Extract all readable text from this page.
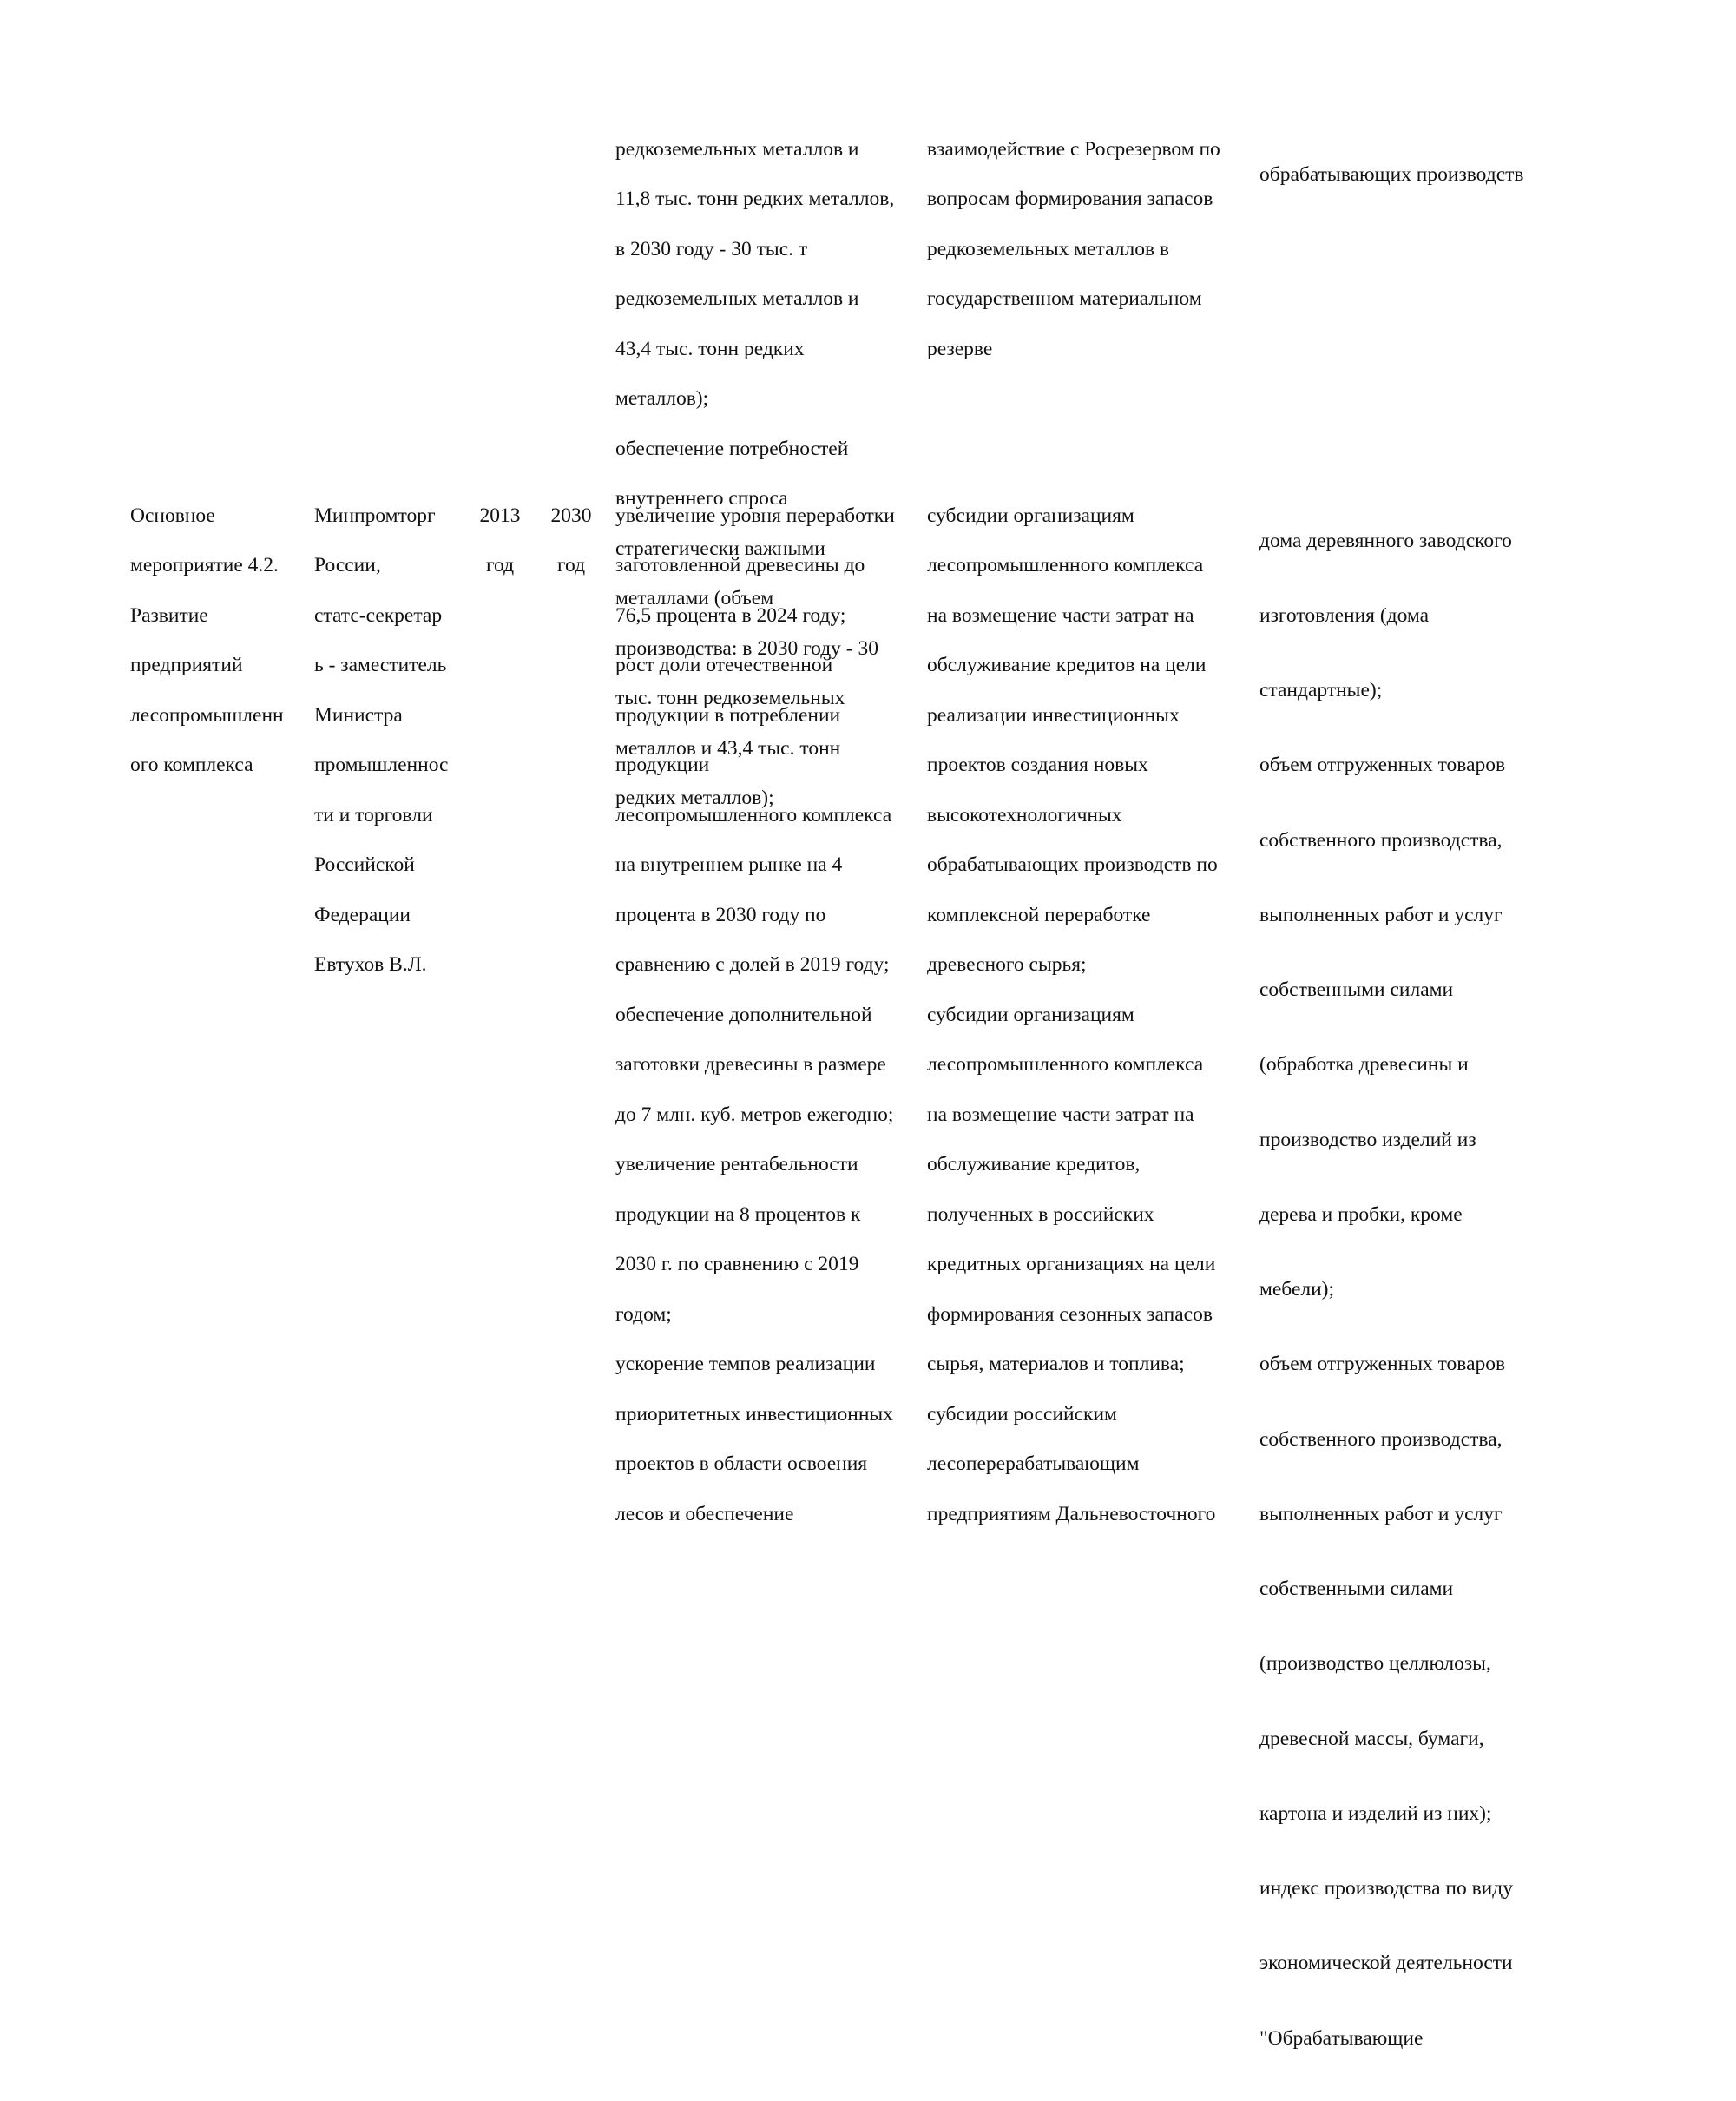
редкоземельных металлов и

11,8 тыс. тонн редких металлов,

в 2030 году - 30 тыс. т

редкоземельных металлов и

43,4 тыс. тонн редких

металлов);

обеспечение потребностей

внутреннего спроса

стратегически важными

металлами (объем

производства: в 2030 году - 30

тыс. тонн редкоземельных

металлов и 43,4 тыс. тонн

редких металлов);

взаимодействие с Росрезервом по

вопросам формирования запасов

редкоземельных металлов в

государственном материальном

резерве

обрабатывающих производств

Основное

мероприятие 4.2.

Развитие

предприятий

лесопромышленн

ого комплекса

Минпромторг

России,

статс-секретар

ь - заместитель

Министра

промышленнос

ти и торговли

Российской

Федерации

Евтухов В.Л.

2013

год

2030

год

увеличение уровня переработки

заготовленной древесины до

76,5 процента в 2024 году;

рост доли отечественной

продукции в потреблении

продукции

лесопромышленного комплекса

на внутреннем рынке на 4

процента в 2030 году по

сравнению с долей в 2019 году;

обеспечение дополнительной

заготовки древесины в размере

до 7 млн. куб. метров ежегодно;

увеличение рентабельности

продукции на 8 процентов к

2030 г. по сравнению с 2019

годом;

ускорение темпов реализации

приоритетных инвестиционных

проектов в области освоения

лесов и обеспечение

субсидии организациям

лесопромышленного комплекса

на возмещение части затрат на

обслуживание кредитов на цели

реализации инвестиционных

проектов создания новых

высокотехнологичных

обрабатывающих производств по

комплексной переработке

древесного сырья;

субсидии организациям

лесопромышленного комплекса

на возмещение части затрат на

обслуживание кредитов,

полученных в российских

кредитных организациях на цели

формирования сезонных запасов

сырья, материалов и топлива;

субсидии российским

лесоперерабатывающим

предприятиям Дальневосточного

дома деревянного заводского

изготовления (дома

стандартные);

объем отгруженных товаров

собственного производства,

выполненных работ и услуг

собственными силами

(обработка древесины и

производство изделий из

дерева и пробки, кроме

мебели);

объем отгруженных товаров

собственного производства,

выполненных работ и услуг

собственными силами

(производство целлюлозы,

древесной массы, бумаги,

картона и изделий из них);

индекс производства по виду

экономической деятельности

"Обрабатывающие
